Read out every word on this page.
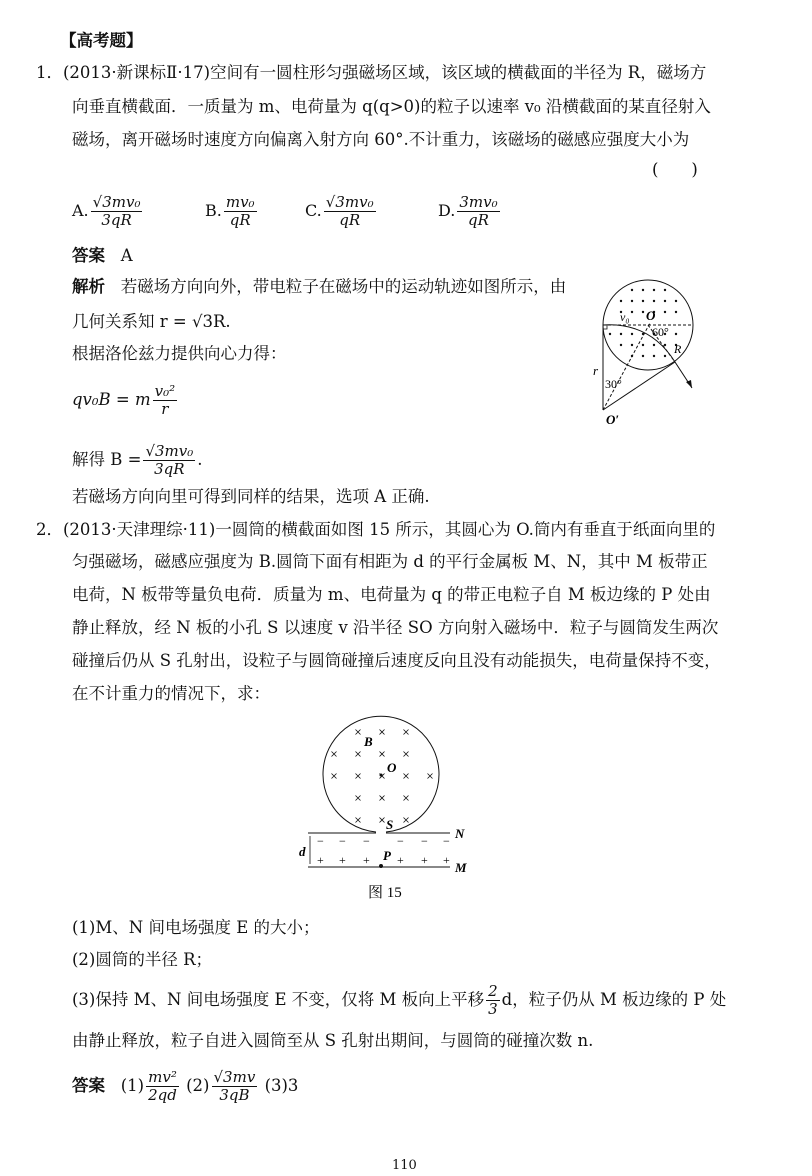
【高考题】
1．(2013·新课标Ⅱ·17)空间有一圆柱形匀强磁场区域，该区域的横截面的半径为 R，磁场方
向垂直横截面．一质量为 m、电荷量为 q(q>0)的粒子以速率 v₀ 沿横截面的某直径射入
磁场，离开磁场时速度方向偏离入射方向 60°.不计重力，该磁场的磁感应强度大小为
(　　)
A. $\frac{\text{√3mv₀}}{3qR}$	B. $\frac{\text{mv₀}}{qR}$	C. $\frac{\text{√3mv₀}}{qR}$	D. $\frac{\text{3mv₀}}{qR}$
答案 A
解析 若磁场方向向外，带电粒子在磁场中的运动轨迹如图所示，由
几何关系知 r = √3R.
根据洛伦兹力提供向心力得：
qv₀B = m $\frac{\text{v₀²}}{r}$
解得 $B = \frac{\text{√3mv₀}}{3qR}$ .
若磁场方向向里可得到同样的结果，选项 A 正确.
v₀ O
60°
R
r
30°
O′
2．(2013·天津理综·11)一圆筒的横截面如图 15 所示，其圆心为 O.筒内有垂直于纸面向里的
匀强磁场，磁感应强度为 B.圆筒下面有相距为 d 的平行金属板 M、N，其中 M 板带正
电荷，N 板带等量负电荷．质量为 m、电荷量为 q 的带正电粒子自 M 板边缘的 P 处由
静止释放，经 N 板的小孔 S 以速度 v 沿半径 SO 方向射入磁场中．粒子与圆筒发生两次
碰撞后仍从 S 孔射出，设粒子与圆筒碰撞后速度反向且没有动能损失，电荷量保持不变，
在不计重力的情况下，求：
−
+
−
+
−
+
−
+
−
+
−
+
B
O
S
N
M
d	P
图 15
(1)M、N 间电场强度 E 的大小；
(2)圆筒的半径 R；
(3)保持 M、N 间电场强度 E 不变，仅将 M 板向上平移 $\frac{2}{3}$ d，粒子仍从 M 板边缘的 P 处
由静止释放，粒子自进入圆筒至从 S 孔射出期间，与圆筒的碰撞次数 n.
答案 $(1) \frac{\text{mv²}}{2qd} (2) \frac{√3mv}{3qB} (3)3$
110
